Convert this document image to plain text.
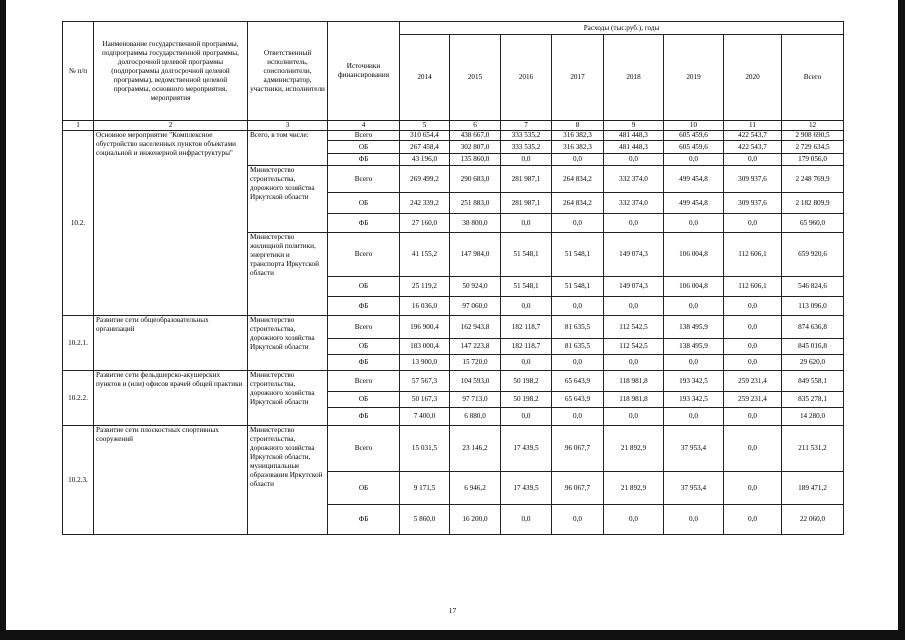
№ п/п	Наименование государственной программы, подпрограммы государственной программы, долгосрочной целевой программы (подпрограммы долгосрочной целевой программы), ведомственной целевой программы, основного мероприятия, мероприятия	Ответственный исполнитель, соисполнители, администратор, участники, исполнители	Источники финансирования	Расходы (тыс.руб.), годы							
				2014	2015	2016	2017	2018	2019	2020	Всего
1	2	3	4	5	6	7	8	9	10	11	12
10.2.	Основное мероприятие "Комплексное обустройство населенных пунктов объектами социальной и инженерной инфраструктуры"	Всего, в том числе:	Всего	310 654,4	438 667,0	333 535,2	316 382,3	481 448,3	605 459,6	422 543,7	2 908 690,5
			ОБ	267 458,4	302 807,0	333 535,2	316 382,3	481 448,3	605 459,6	422 543,7	2 729 634,5
			ФБ	43 196,0	135 860,0	0,0	0,0	0,0	0,0	0,0	179 056,0
		Министерство строительства, дорожного хозяйства Иркутской области	Всего	269 499,2	290 683,0	281 987,1	264 834,2	332 374,0	499 454,8	309 937,6	2 248 769,9
			ОБ	242 339,2	251 883,0	281 987,1	264 834,2	332 374,0	499 454,8	309 937,6	2 182 809,9
			ФБ	27 160,0	38 800,0	0,0	0,0	0,0	0,0	0,0	65 960,0
		Министерство жилищной политики, энергетики и транспорта Иркутской области	Всего	41 155,2	147 984,0	51 548,1	51 548,1	149 074,3	106 004,8	112 606,1	659 920,6
			ОБ	25 119,2	50 924,0	51 548,1	51 548,1	149 074,3	106 004,8	112 606,1	546 824,6
			ФБ	16 036,0	97 060,0	0,0	0,0	0,0	0,0	0,0	113 096,0
10.2.1.	Развитие сети общеобразовательных организаций	Министерство строительства, дорожного хозяйства Иркутской области	Всего	196 900,4	162 943,8	182 118,7	81 635,5	112 542,5	138 495,9	0,0	874 636,8
			ОБ	183 000,4	147 223,8	182 118,7	81 635,5	112 542,5	138 495,9	0,0	845 016,8
			ФБ	13 900,0	15 720,0	0,0	0,0	0,0	0,0	0,0	29 620,0
10.2.2.	Развитие сети фельдшерско-акушерских пунктов и (или) офисов врачей общей практики	Министерство строительства, дорожного хозяйства Иркутской области	Всего	57 567,3	104 593,0	50 198,2	65 643,9	118 981,8	193 342,5	259 231,4	849 558,1
			ОБ	50 167,3	97 713,0	50 198,2	65 643,9	118 981,8	193 342,5	259 231,4	835 278,1
			ФБ	7 400,0	6 880,0	0,0	0,0	0,0	0,0	0,0	14 280,0
10.2.3.	Развитие сети плоскостных спортивных сооружений	Министерство строительства, дорожного хозяйства Иркутской области, муниципальные образования Иркутской области	Всего	15 031,5	23 146,2	17 439,5	96 067,7	21 892,9	37 953,4	0,0	211 531,2
			ОБ	9 171,5	6 946,2	17 439,5	96 067,7	21 892,9	37 953,4	0,0	189 471,2
			ФБ	5 860,0	16 200,0	0,0	0,0	0,0	0,0	0,0	22 060,0
17
